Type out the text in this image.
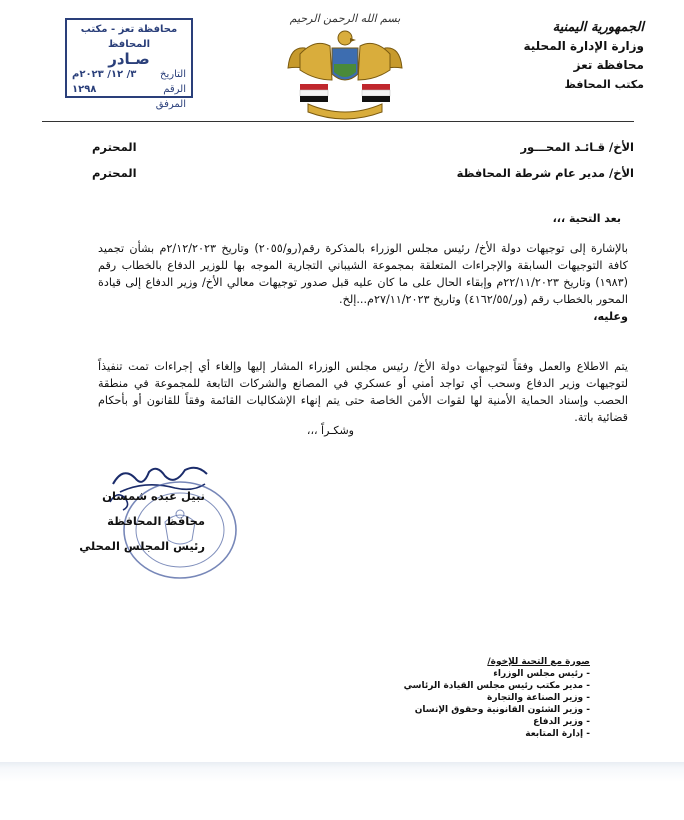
الجمهورية اليمنية
وزارة الإدارة المحلية
محافظة تعز
مكتب المحافظ
بسم الله الرحمن الرحيم
محافظة تعز - مكتب المحافظ
صـادر
التاريخ
٣/ ١٢/ ٢٠٢٣م
الرقم
١٢٩٨
المرفق
الأخ/ قـائـد المحـــور
المحترم
الأخ/ مدير عام شرطة المحافظة
المحترم
بعد التحية ،،،

بالإشارة إلى توجيهات دولة الأخ/ رئيس مجلس الوزراء بالمذكرة رقم(رو/٢٠٥٥) وتاريخ ٢/١٢/٢٠٢٣م بشأن تجميد كافة التوجيهات السابقة والإجراءات المتعلقة بمجموعة الشيباني التجارية الموجه بها للوزير الدفاع بالخطاب رقم (١٩٨٣) وتاريخ ٢٢/١١/٢٠٢٣م وإبقاء الحال على ما كان عليه قبل صدور توجيهات معالي الأخ/ وزير الدفاع إلى قيادة المحور بالخطاب رقم (ور/٤١٦٢/٥٥) وتاريخ ٢٧/١١/٢٠٢٣م...إلخ.

وعليه،

يتم الاطلاع والعمل وفقاً لتوجيهات دولة الأخ/ رئيس مجلس الوزراء المشار إليها وإلغاء أي إجراءات تمت تنفيذاً لتوجيهات وزير الدفاع وسحب أي تواجد أمني أو عسكري في المصانع والشركات التابعة للمجموعة في منطقة الحصب وإسناد الحماية الأمنية لها لقوات الأمن الخاصة حتى يتم إنهاء الإشكاليات القائمة وفقاً للقانون أو بأحكام قضائية باتة.

وشكـراً ،،،
نبيل عبده شمسان
محافظ المحافظة
رئيس المجلس المحلي
صورة مع التحية للإخوة/
- رئيس مجلس الوزراء
- مدير مكتب رئيس مجلس القيادة الرئاسي
- وزير الصناعة والتجارة
- وزير الشئون القانونية وحقوق الإنسان
- وزير الدفاع
- إدارة المتابعة
